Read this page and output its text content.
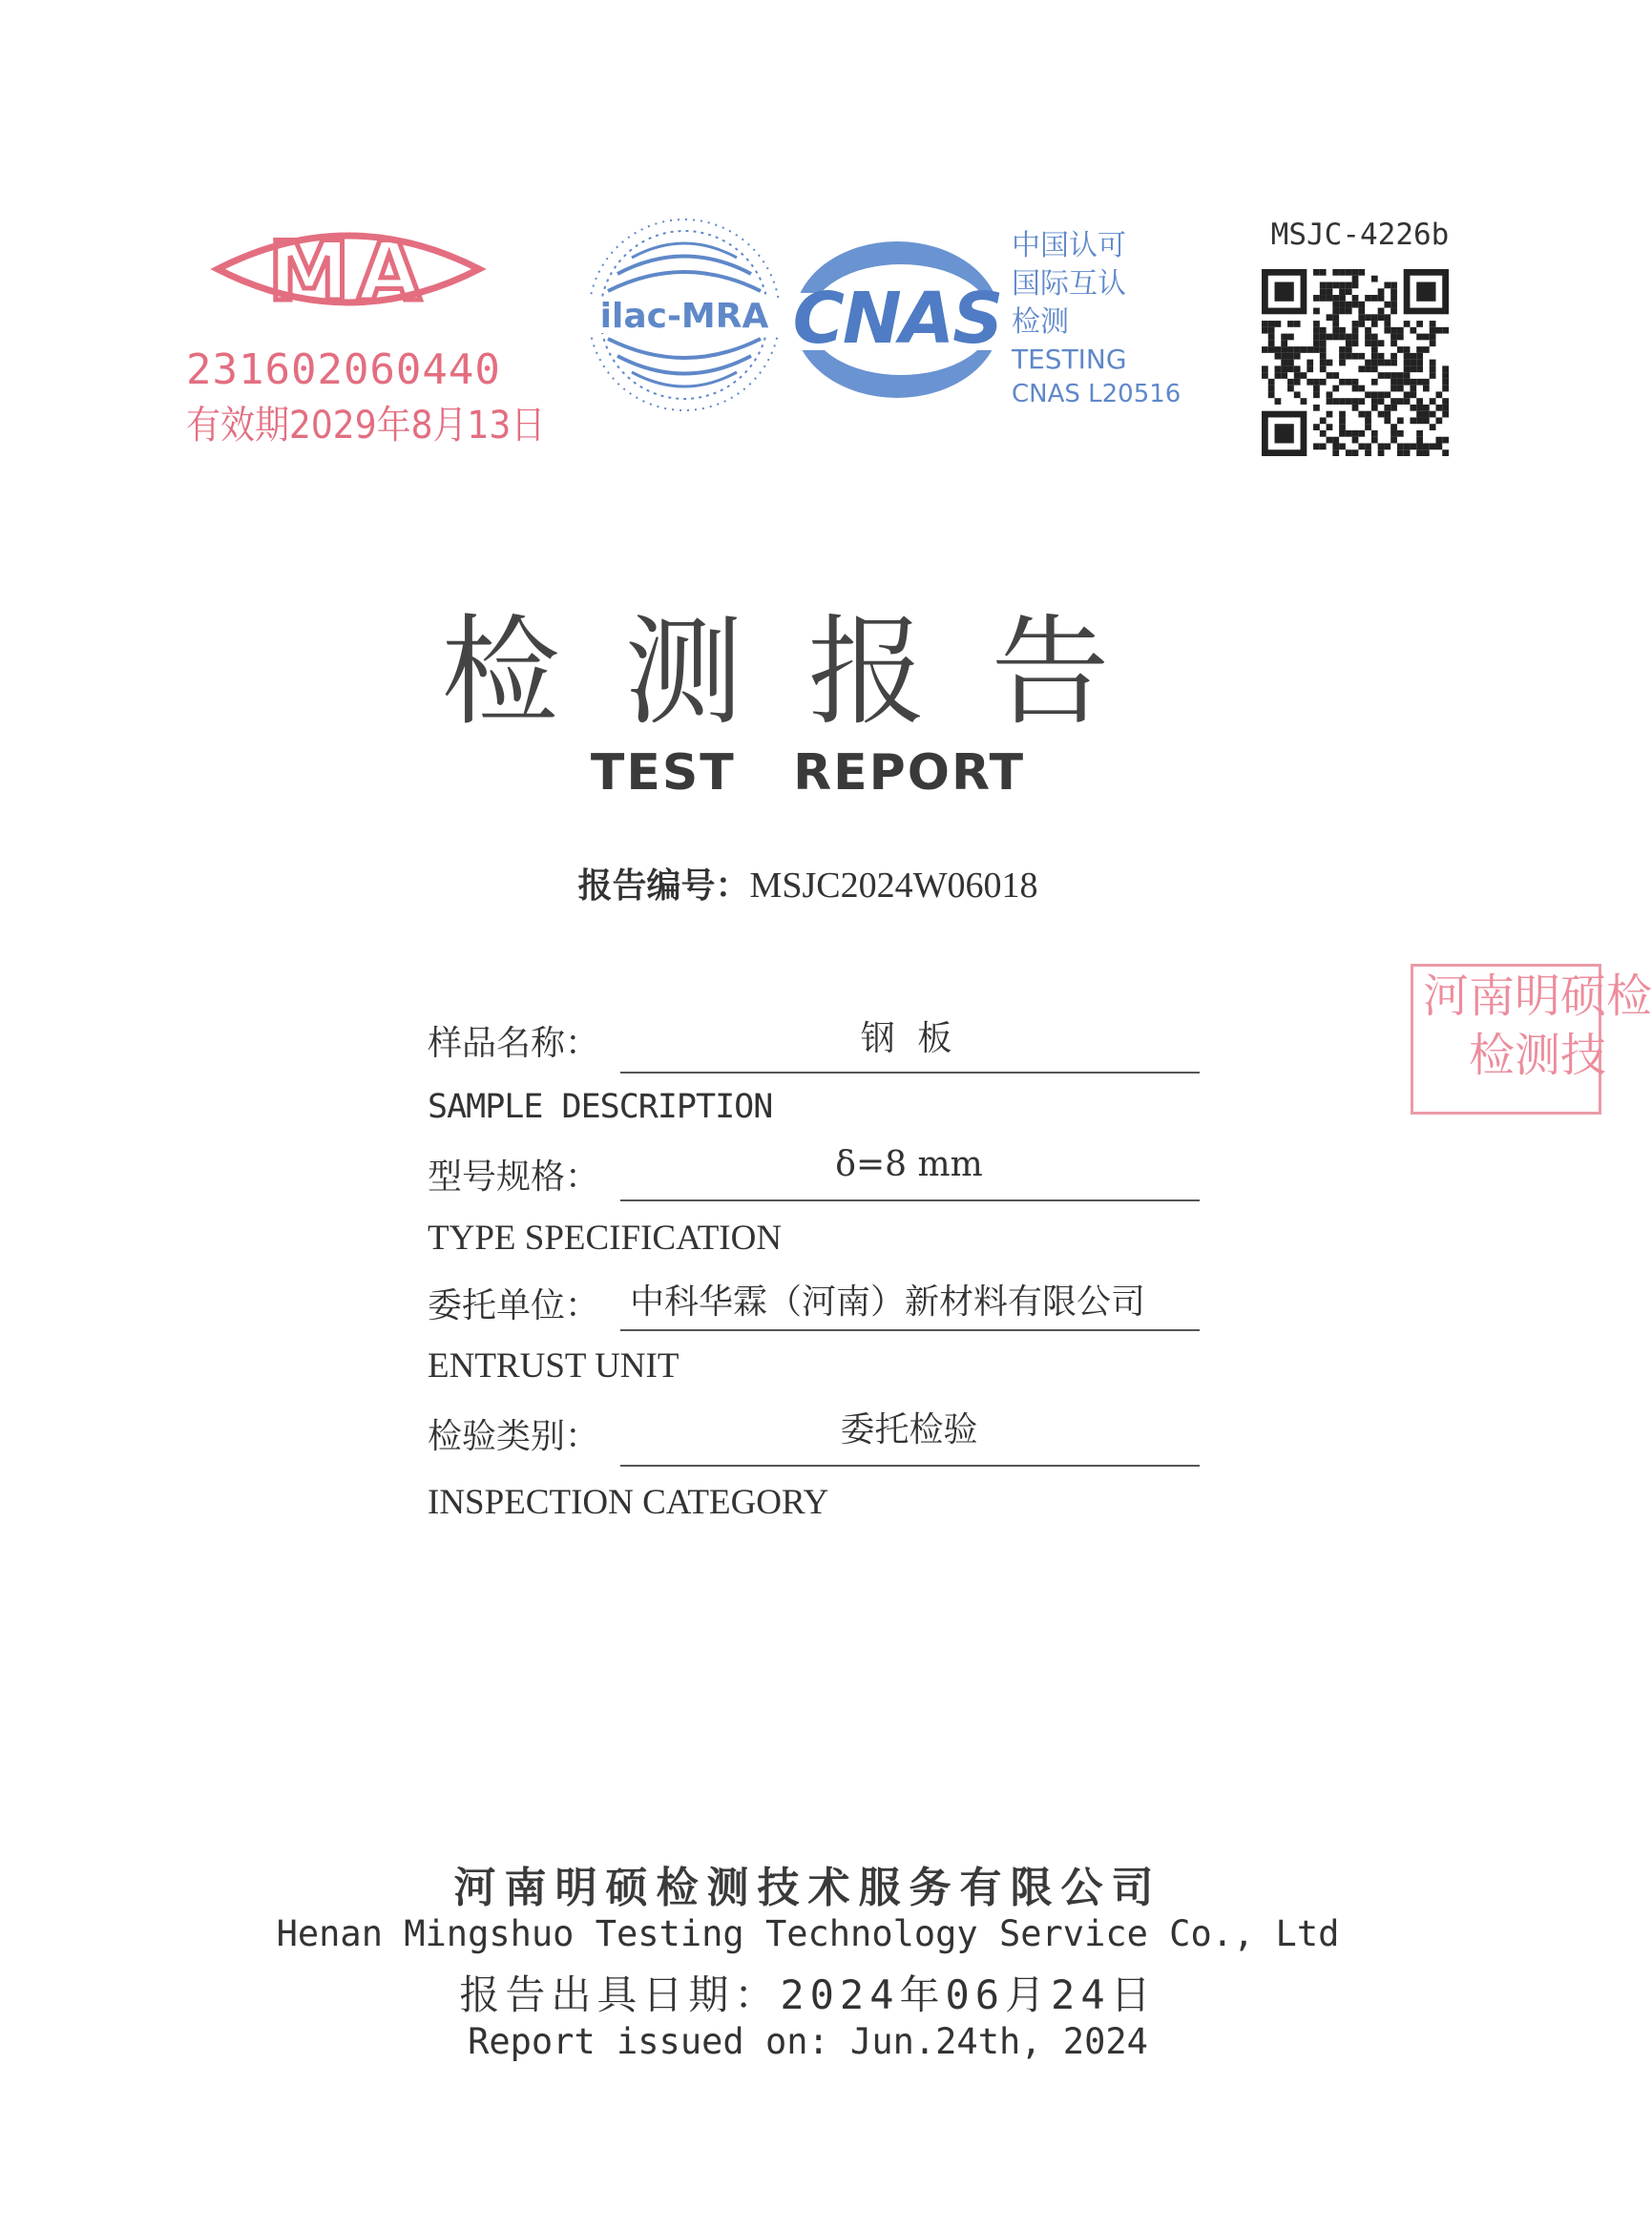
MA
231602060440
有效期2029年8月13日
ilac-MRA CNAS
中国认可
国际互认
检测
TESTING
CNAS L20516
MSJC-4226b
检测报告
TEST   REPORT
报告编号：MSJC2024W06018
样品名称：	钢 板
SAMPLE DESCRIPTION
型号规格：	δ=8 mm
TYPE SPECIFICATION
委托单位： 中科华霖（河南）新材料有限公司
ENTRUST UNIT
检验类别：	委托检验
INSPECTION CATEGORY
河南明硕检
检测技
河南明硕检测技术服务有限公司
Henan Mingshuo Testing Technology Service Co., Ltd
报告出具日期：2024年06月24日
Report issued on: Jun.24th, 2024
